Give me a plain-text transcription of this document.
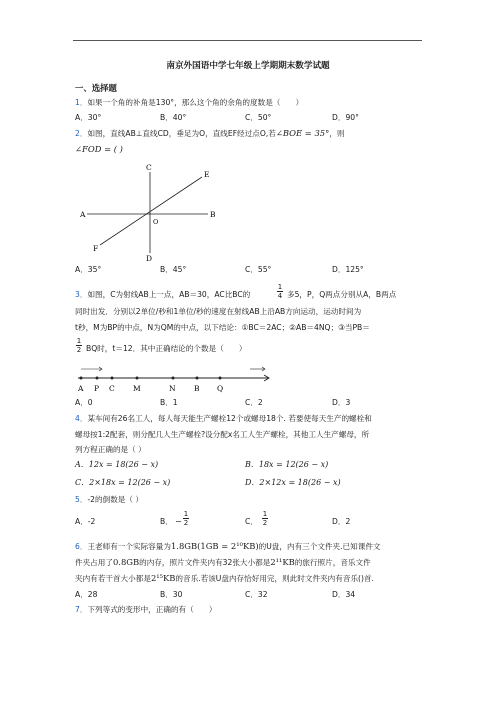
南京外国语中学七年级上学期期末数学试题
一、选择题
1．如果一个角的补角是130°，那么这个角的余角的度数是（　　）
A．30°	B．40°	C．50°	D．90°
2．如图，直线AB⊥直线CD，垂足为O，直线EF经过点O,若∠BOE = 35°，则
∠FOD = ( )
C
E
A	B
O
F
D
A．35°	B．45°	C．55°	D．125°
3．如图，C为射线AB上一点，AB＝30，AC比BC的
1
4 多5，P，Q两点分别从A，B两点
同时出发．分别以2单位/秒和1单位/秒的速度在射线AB上沿AB方向运动，运动时间为
t秒，M为BP的中点，N为QM的中点，以下结论：①BC＝2AC；②AB＝4NQ；③当PB＝
1
2 BQ时，t＝12．其中正确结论的个数是（　　）
A P C M	N B Q
A．0	B．1	C．2	D．3
4．某车间有26名工人，每人每天能生产螺栓12个或螺母18个. 若要使每天生产的螺栓和
螺母按1:2配套，则分配几人生产螺栓?设分配x名工人生产螺栓，其他工人生产螺母，所
列方程正确的是（ ）
A．12x = 18(26 − x)	B．18x = 12(26 − x)
C．2×18x = 12(26 − x)	D．2×12x = 18(26 − x)
5．-2的倒数是（ ）
A．-2	B． −
1
2	C．
1
2	D．2
6．王老师有一个实际容量为1.8GB(1GB = 2¹⁰KB)的U盘，内有三个文件夹.已知课件文
件夹占用了0.8GB的内存，照片文件夹内有32张大小都是2¹¹KB的旅行照片，音乐文件
夹内有若干首大小都是2¹⁵KB的音乐.若该U盘内存恰好用完，则此时文件夹内有音乐()首.
A．28	B．30	C．32	D．34
7．下列等式的变形中，正确的有（　　）
